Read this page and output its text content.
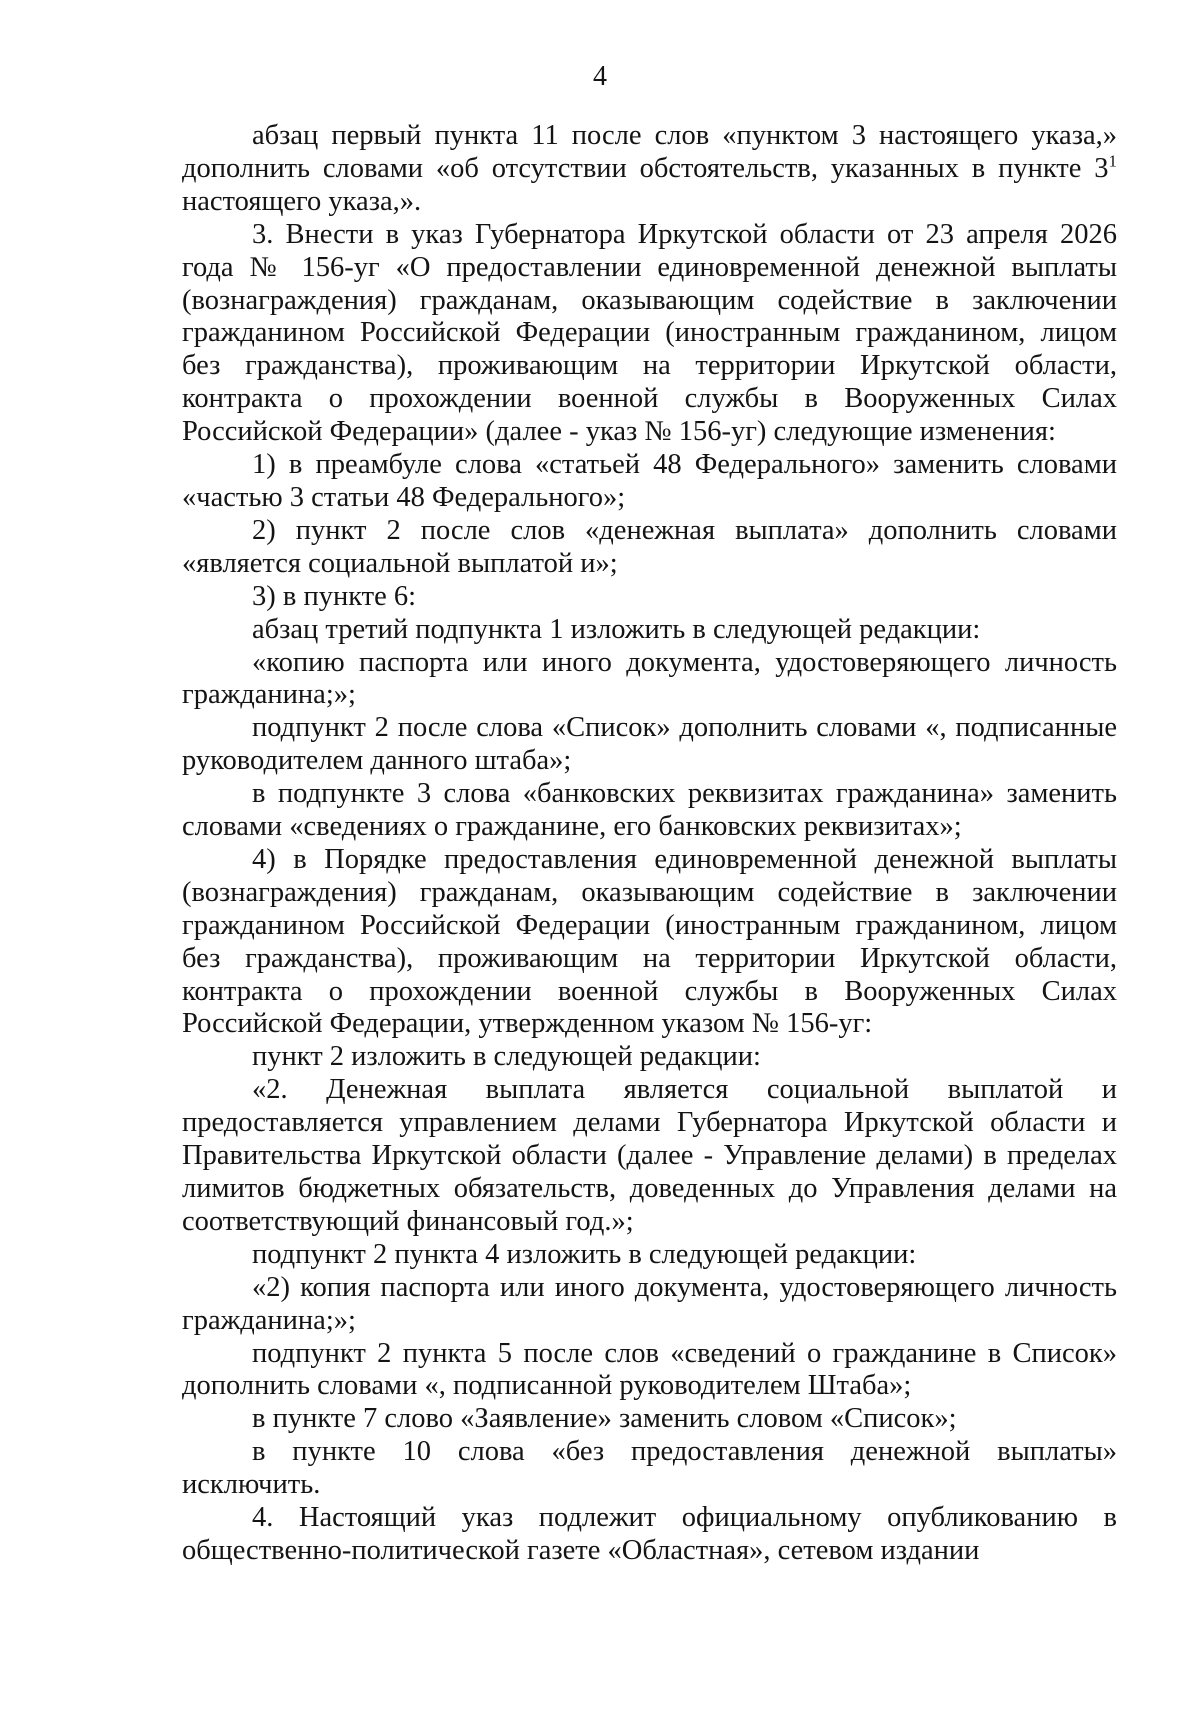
4

абзац первый пункта 11 после слов «пунктом 3 настоящего указа,» дополнить словами «об отсутствии обстоятельств, указанных в пункте $3^1$ настоящего указа,».

3. Внести в указ Губернатора Иркутской области от 23 апреля 2026 года № 156-уг «О предоставлении единовременной денежной выплаты (вознаграждения) гражданам, оказывающим содействие в заключении гражданином Российской Федерации (иностранным гражданином, лицом без гражданства), проживающим на территории Иркутской области, контракта о прохождении военной службы в Вооруженных Силах Российской Федерации» (далее - указ № 156-уг) следующие изменения:

1) в преамбуле слова «статьей 48 Федерального» заменить словами «частью 3 статьи 48 Федерального»;

2) пункт 2 после слов «денежная выплата» дополнить словами «является социальной выплатой и»;

3) в пункте 6:

абзац третий подпункта 1 изложить в следующей редакции:

«копию паспорта или иного документа, удостоверяющего личность гражданина;»;

подпункт 2 после слова «Список» дополнить словами «, подписанные руководителем данного штаба»;

в подпункте 3 слова «банковских реквизитах гражданина» заменить словами «сведениях о гражданине, его банковских реквизитах»;

4) в Порядке предоставления единовременной денежной выплаты (вознаграждения) гражданам, оказывающим содействие в заключении гражданином Российской Федерации (иностранным гражданином, лицом без гражданства), проживающим на территории Иркутской области, контракта о прохождении военной службы в Вооруженных Силах Российской Федерации, утвержденном указом № 156-уг:

пункт 2 изложить в следующей редакции:

«2. Денежная выплата является социальной выплатой и предоставляется управлением делами Губернатора Иркутской области и Правительства Иркутской области (далее - Управление делами) в пределах лимитов бюджетных обязательств, доведенных до Управления делами на соответствующий финансовый год.»;

подпункт 2 пункта 4 изложить в следующей редакции:

«2) копия паспорта или иного документа, удостоверяющего личность гражданина;»;

подпункт 2 пункта 5 после слов «сведений о гражданине в Список» дополнить словами «, подписанной руководителем Штаба»;

в пункте 7 слово «Заявление» заменить словом «Список»;

в пункте 10 слова «без предоставления денежной выплаты» исключить.

4. Настоящий указ подлежит официальному опубликованию в общественно-политической газете «Областная», сетевом издании
